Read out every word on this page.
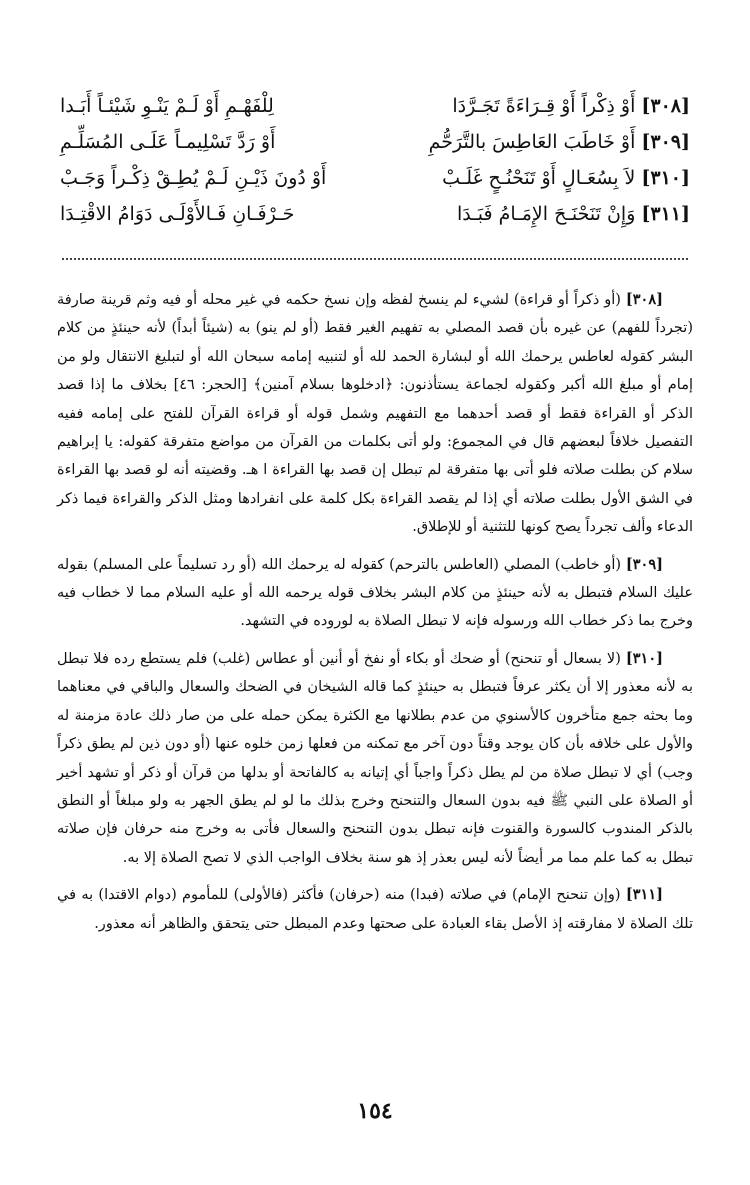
[٣٠٨]أَوْ ذِكْراً أَوْ قِـرَاءَةً تَجَـرَّدَا
لِلْفَهْـمِ أَوْ لَـمْ يَنْـوِ شَيْئـاً أَبَـدا
[٣٠٩]أَوْ خَاطَبَ العَاطِسَ بالتَّرَحُّمِ
أَوْ رَدَّ تَسْلِيمـاً عَلَـى المُسَلِّـمِ
[٣١٠]لاَ بِسُعَـالٍ أَوْ تَنَحْنُـحٍ غَلَـبْ
أَوْ دُونَ ذَيْـنِ لَـمْ يُطِـقْ ذِكْـراً وَجَـبْ
[٣١١]وَإِنْ تَنَحْنَـحَ الإِمَـامُ فَبَـدَا
حَـرْفَـانِ فَـالأَوْلَـى دَوَامُ الاقْتِـدَا

[٣٠٨] (أو ذكراً أو قراءة) لشيء لم ينسخ لفظه وإن نسخ حكمه في غير محله أو فيه وثم قرينة صارفة (تجرداً للفهم) عن غيره بأن قصد المصلي به تفهيم الغير فقط (أو لم ينو) به (شيئاً أبداً) لأنه حينئذٍ من كلام البشر كقوله لعاطس يرحمك الله أو لبشارة الحمد لله أو لتنبيه إمامه سبحان الله أو لتبليغ الانتقال ولو من إمام أو مبلغ الله أكبر وكقوله لجماعة يستأذنون: ﴿ادخلوها بسلام آمنين﴾ [الحجر: ٤٦] بخلاف ما إذا قصد الذكر أو القراءة فقط أو قصد أحدهما مع التفهيم وشمل قوله أو قراءة القرآن للفتح على إمامه ففيه التفصيل خلافاً لبعضهم قال في المجموع: ولو أتى بكلمات من القرآن من مواضع متفرقة كقوله: يا إبراهيم سلام كن بطلت صلاته فلو أتى بها متفرقة لم تبطل إن قصد بها القراءة ا هـ. وقضيته أنه لو قصد بها القراءة في الشق الأول بطلت صلاته أي إذا لم يقصد القراءة بكل كلمة على انفرادها ومثل الذكر والقراءة فيما ذكر الدعاء وألف تجرداً يصح كونها للتثنية أو للإطلاق.

[٣٠٩] (أو خاطب) المصلي (العاطس بالترحم) كقوله له يرحمك الله (أو رد تسليماً على المسلم) بقوله عليك السلام فتبطل به لأنه حينئذٍ من كلام البشر بخلاف قوله يرحمه الله أو عليه السلام مما لا خطاب فيه وخرج بما ذكر خطاب الله ورسوله فإنه لا تبطل الصلاة به لوروده في التشهد.

[٣١٠] (لا بسعال أو تنحنح) أو ضحك أو بكاء أو نفخ أو أنين أو عطاس (غلب) فلم يستطع رده فلا تبطل به لأنه معذور إلا أن يكثر عرفاً فتبطل به حينئذٍ كما قاله الشيخان في الضحك والسعال والباقي في معناهما وما بحثه جمع متأخرون كالأسنوي من عدم بطلانها مع الكثرة يمكن حمله على من صار ذلك عادة مزمنة له والأول على خلافه بأن كان يوجد وقتاً دون آخر مع تمكنه من فعلها زمن خلوه عنها (أو دون ذين لم يطق ذكراً وجب) أي لا تبطل صلاة من لم يطل ذكراً واجباً أي إتيانه به كالفاتحة أو بدلها من قرآن أو ذكر أو تشهد أخير أو الصلاة على النبي ﷺ فيه بدون السعال والتنحنح وخرج بذلك ما لو لم يطق الجهر به ولو مبلغاً أو النطق بالذكر المندوب كالسورة والقنوت فإنه تبطل بدون التنحنح والسعال فأتى به وخرج منه حرفان فإن صلاته تبطل به كما علم مما مر أيضاً لأنه ليس بعذر إذ هو سنة بخلاف الواجب الذي لا تصح الصلاة إلا به.

[٣١١] (وإن تنحنح الإمام) في صلاته (فبدا) منه (حرفان) فأكثر (فالأولى) للمأموم (دوام الاقتدا) به في تلك الصلاة لا مفارقته إذ الأصل بقاء العبادة على صحتها وعدم المبطل حتى يتحقق والظاهر أنه معذور.

١٥٤
